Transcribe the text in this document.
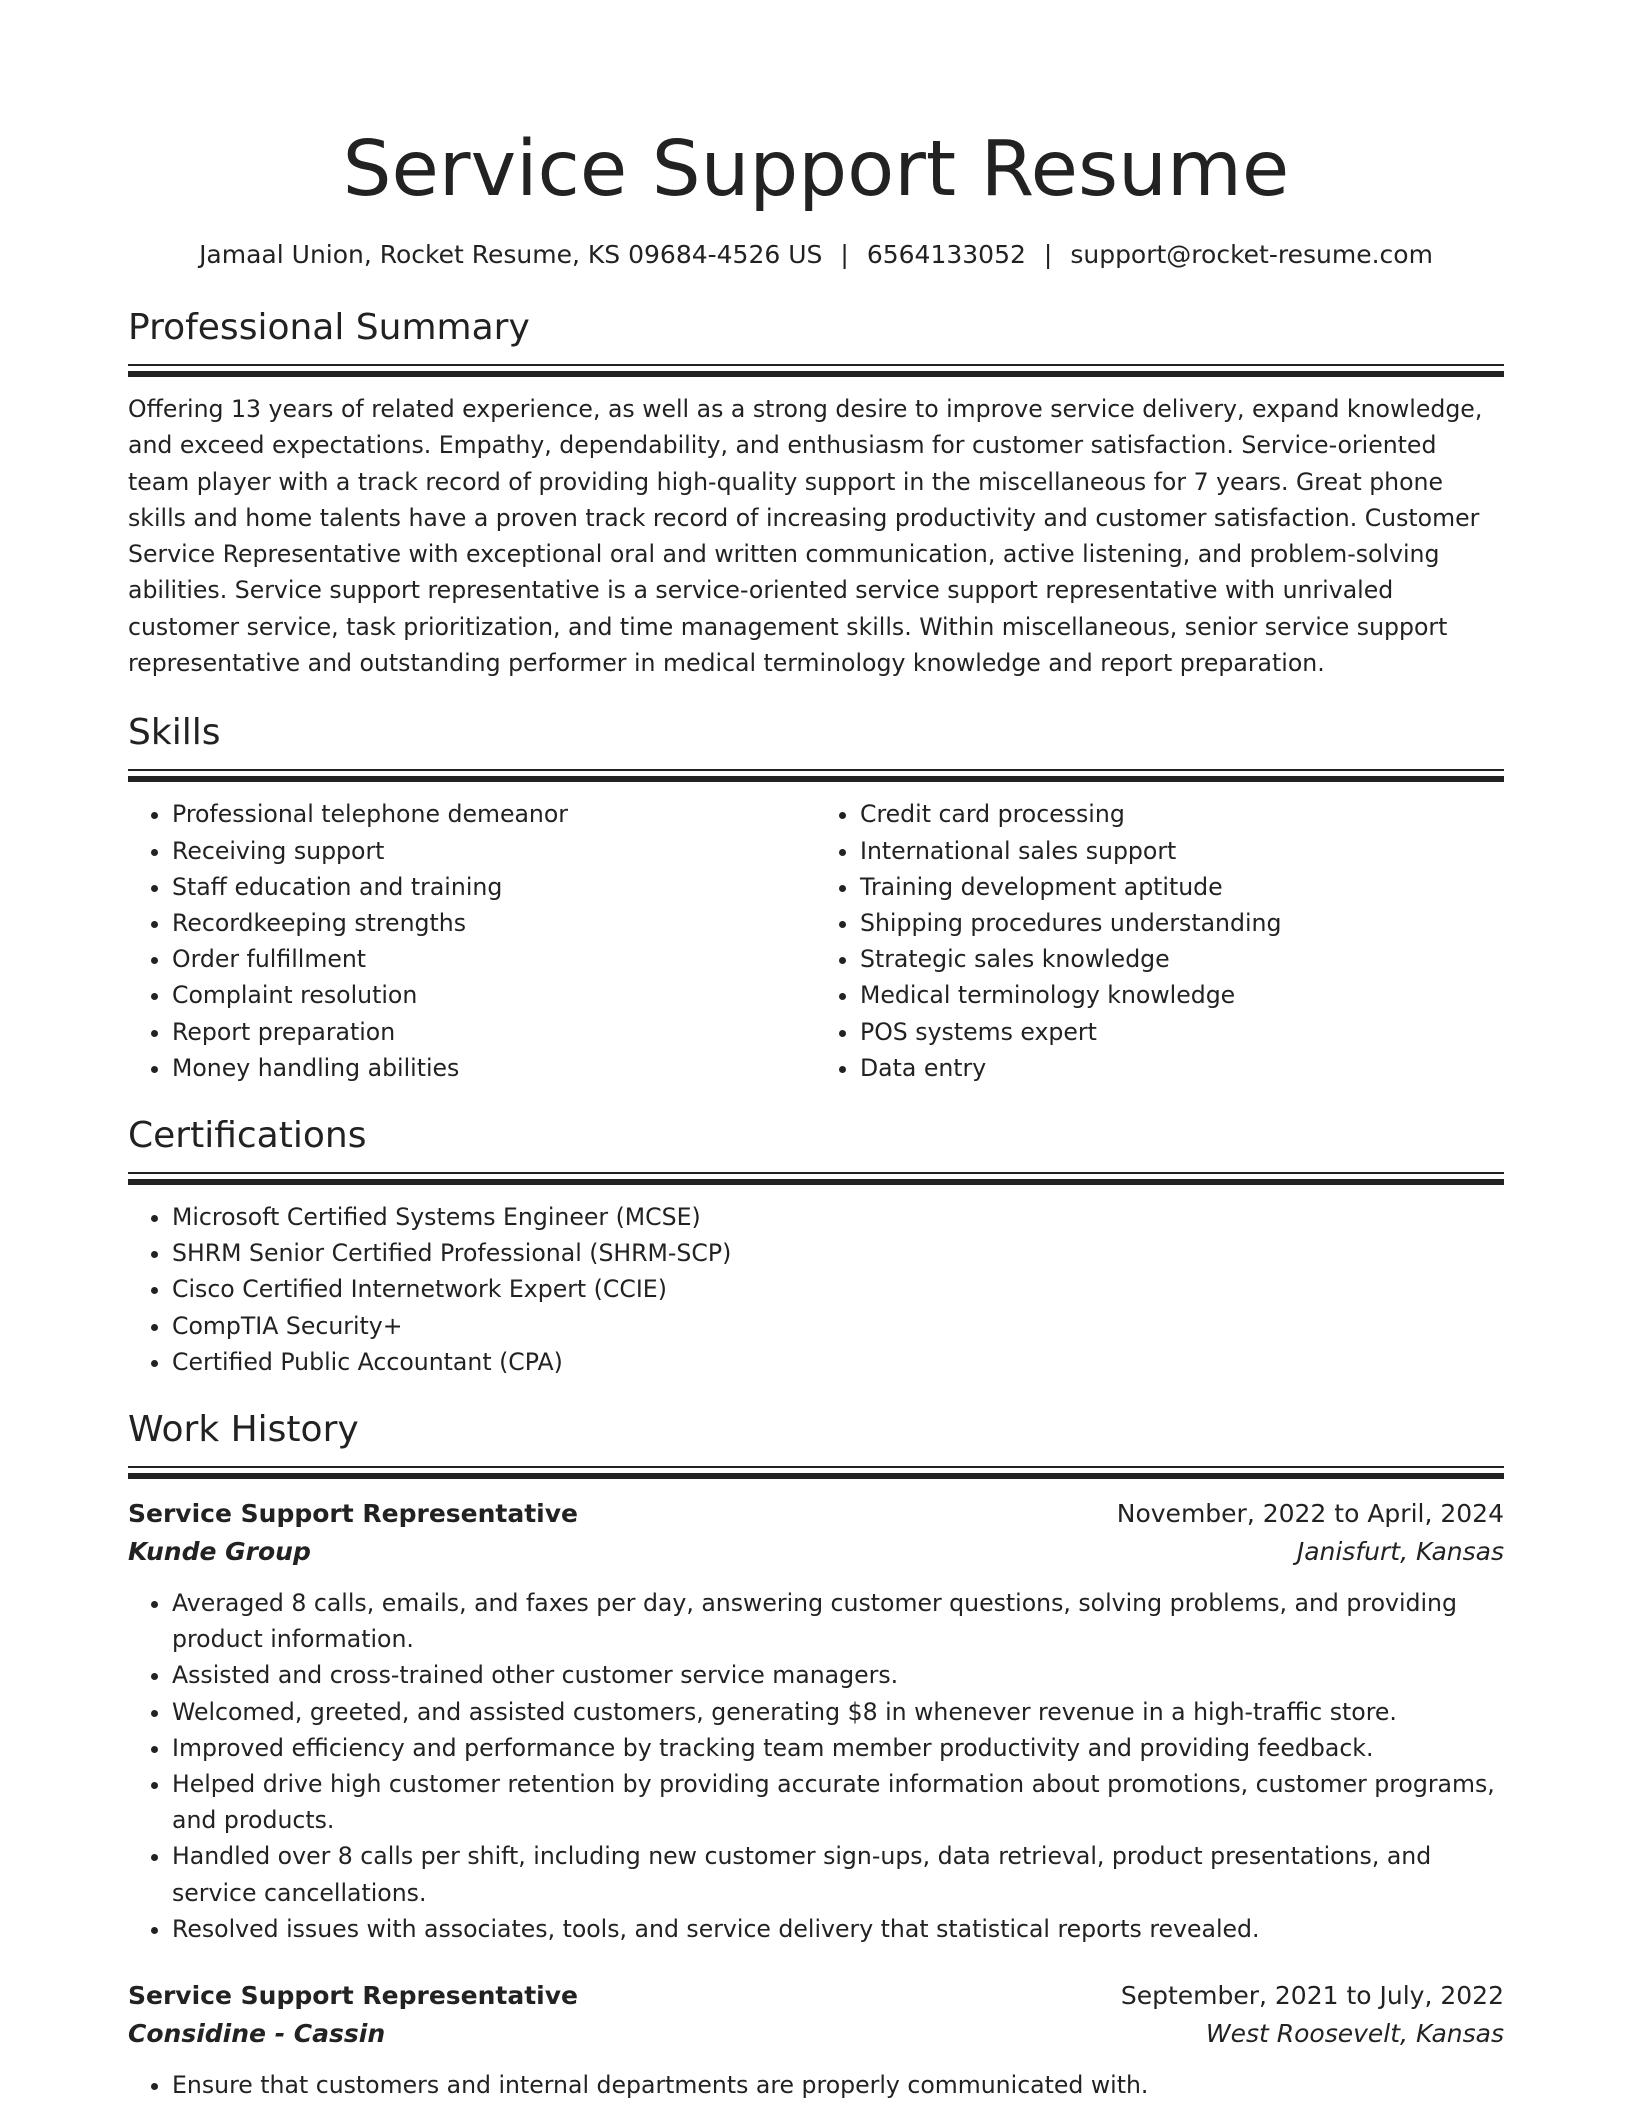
Service Support Resume
Jamaal Union, Rocket Resume, KS 09684-4526 US | 6564133052 | support@rocket-resume.com
Professional Summary

Offering 13 years of related experience, as well as a strong desire to improve service delivery, expand knowledge, and exceed expectations. Empathy, dependability, and enthusiasm for customer satisfaction. Service-oriented team player with a track record of providing high-quality support in the miscellaneous for 7 years. Great phone skills and home talents have a proven track record of increasing productivity and customer satisfaction. Customer Service Representative with exceptional oral and written communication, active listening, and problem-solving abilities. Service support representative is a service-oriented service support representative with unrivaled customer service, task prioritization, and time management skills. Within miscellaneous, senior service support representative and outstanding performer in medical terminology knowledge and report preparation.

Skills
• Professional telephone demeanor
• Receiving support
• Staff education and training
• Recordkeeping strengths
• Order fulfillment
• Complaint resolution
• Report preparation
• Money handling abilities
• Credit card processing
• International sales support
• Training development aptitude
• Shipping procedures understanding
• Strategic sales knowledge
• Medical terminology knowledge
• POS systems expert
• Data entry
Certifications
• Microsoft Certified Systems Engineer (MCSE)
• SHRM Senior Certified Professional (SHRM-SCP)
• Cisco Certified Internetwork Expert (CCIE)
• CompTIA Security+
• Certified Public Accountant (CPA)
Work History
Service Support Representative	November, 2022 to April, 2024
Kunde Group	Janisfurt, Kansas
• Averaged 8 calls, emails, and faxes per day, answering customer questions, solving problems, and providing product information.
• Assisted and cross-trained other customer service managers.
• Welcomed, greeted, and assisted customers, generating $8 in whenever revenue in a high-traffic store.
• Improved efficiency and performance by tracking team member productivity and providing feedback.
• Helped drive high customer retention by providing accurate information about promotions, customer programs, and products.
• Handled over 8 calls per shift, including new customer sign-ups, data retrieval, product presentations, and service cancellations.
• Resolved issues with associates, tools, and service delivery that statistical reports revealed.
Service Support Representative	September, 2021 to July, 2022
Considine - Cassin	West Roosevelt, Kansas
• Ensure that customers and internal departments are properly communicated with.
